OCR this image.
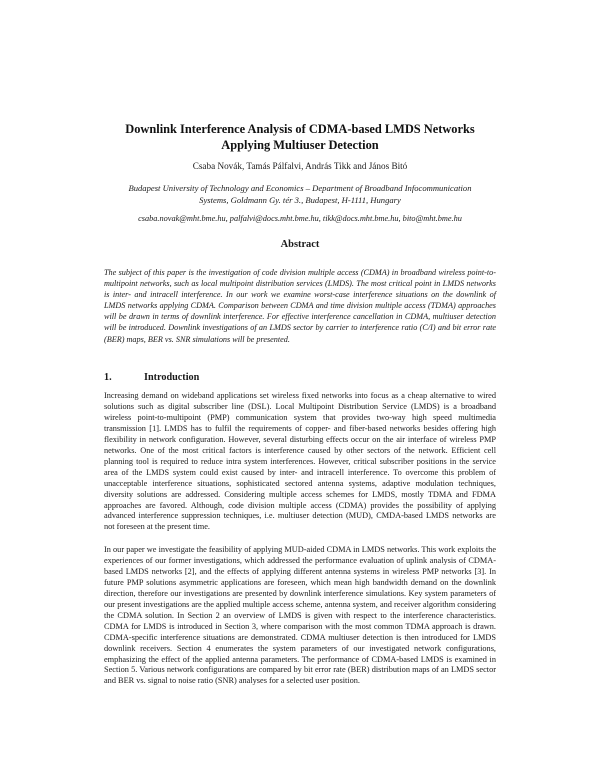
Downlink Interference Analysis of CDMA-based LMDS Networks
Applying Multiuser Detection
Csaba Novák, Tamás Pálfalvi, András Tikk and János Bitó
Budapest University of Technology and Economics – Department of Broadband Infocommunication
Systems, Goldmann Gy. tér 3., Budapest, H-1111, Hungary
csaba.novak@mht.bme.hu, palfalvi@docs.mht.bme.hu, tikk@docs.mht.bme.hu, bito@mht.bme.hu
Abstract

The subject of this paper is the investigation of code division multiple access (CDMA) in broadband wireless point-to-multipoint networks, such as local multipoint distribution services (LMDS). The most critical point in LMDS networks is inter- and intracell interference. In our work we examine worst-case interference situations on the downlink of LMDS networks applying CDMA. Comparison between CDMA and time division multiple access (TDMA) approaches will be drawn in terms of downlink interference. For effective interference cancellation in CDMA, multiuser detection will be introduced. Downlink investigations of an LMDS sector by carrier to interference ratio (C/I) and bit error rate (BER) maps, BER vs. SNR simulations will be presented.

1.	Introduction

Increasing demand on wideband applications set wireless fixed networks into focus as a cheap alternative to wired solutions such as digital subscriber line (DSL). Local Multipoint Distribution Service (LMDS) is a broadband wireless point-to-multipoint (PMP) communication system that provides two-way high speed multimedia transmission [1]. LMDS has to fulfil the requirements of copper- and fiber-based networks besides offering high flexibility in network configuration. However, several disturbing effects occur on the air interface of wireless PMP networks. One of the most critical factors is interference caused by other sectors of the network. Efficient cell planning tool is required to reduce intra system interferences. However, critical subscriber positions in the service area of the LMDS system could exist caused by inter- and intracell interference. To overcome this problem of unacceptable interference situations, sophisticated sectored antenna systems, adaptive modulation techniques, diversity solutions are addressed. Considering multiple access schemes for LMDS, mostly TDMA and FDMA approaches are favored. Although, code division multiple access (CDMA) provides the possibility of applying advanced interference suppression techniques, i.e. multiuser detection (MUD), CMDA-based LMDS networks are not foreseen at the present time.

In our paper we investigate the feasibility of applying MUD-aided CDMA in LMDS networks. This work exploits the experiences of our former investigations, which addressed the performance evaluation of uplink analysis of CDMA-based LMDS networks [2], and the effects of applying different antenna systems in wireless PMP networks [3]. In future PMP solutions asymmetric applications are foreseen, which mean high bandwidth demand on the downlink direction, therefore our investigations are presented by downlink interference simulations. Key system parameters of our present investigations are the applied multiple access scheme, antenna system, and receiver algorithm considering the CDMA solution. In Section 2 an overview of LMDS is given with respect to the interference characteristics. CDMA for LMDS is introduced in Section 3, where comparison with the most common TDMA approach is drawn. CDMA-specific interference situations are demonstrated. CDMA multiuser detection is then introduced for LMDS downlink receivers. Section 4 enumerates the system parameters of our investigated network configurations, emphasizing the effect of the applied antenna parameters. The performance of CDMA-based LMDS is examined in Section 5. Various network configurations are compared by bit error rate (BER) distribution maps of an LMDS sector and BER vs. signal to noise ratio (SNR) analyses for a selected user position.
